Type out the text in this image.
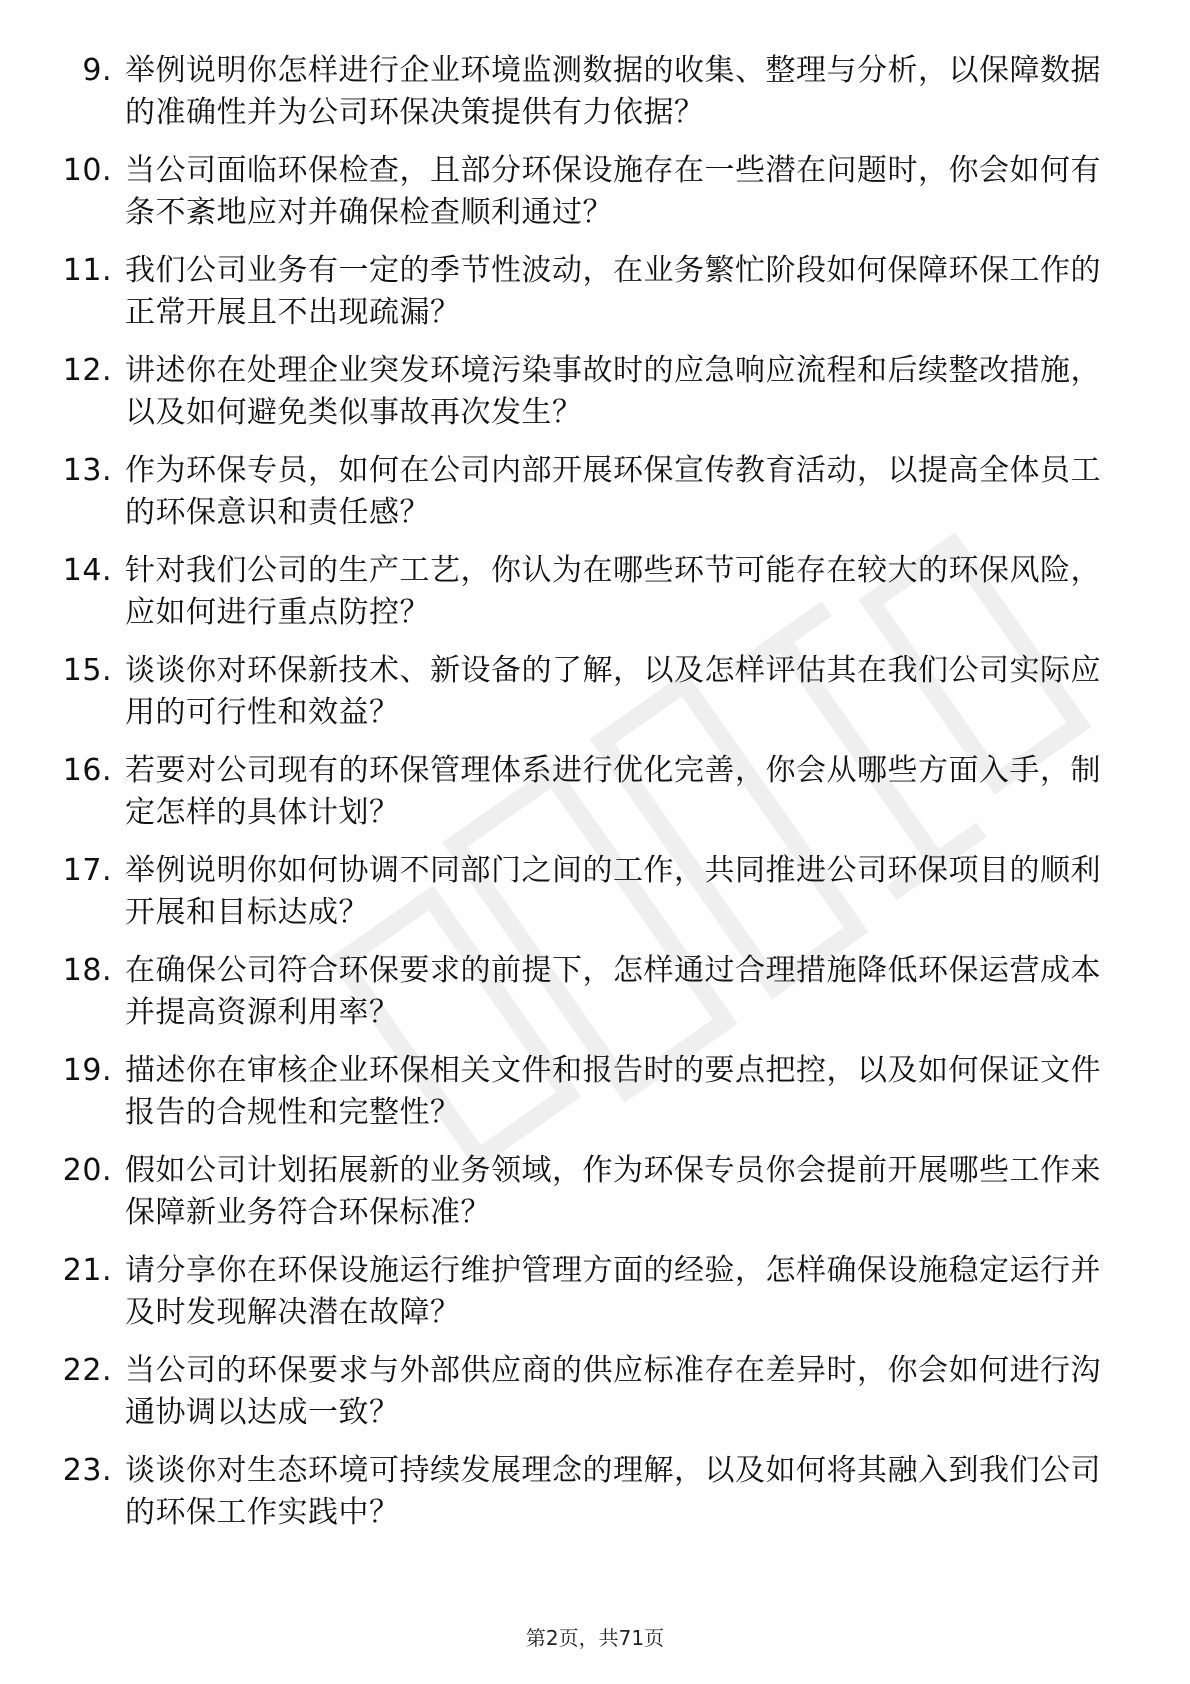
9. 举例说明你怎样进行企业环境监测数据的收集、整理与分析，以保障数据的准确性并为公司环保决策提供有力依据？
10. 当公司面临环保检查，且部分环保设施存在一些潜在问题时，你会如何有条不紊地应对并确保检查顺利通过？
11. 我们公司业务有一定的季节性波动，在业务繁忙阶段如何保障环保工作的正常开展且不出现疏漏？
12. 讲述你在处理企业突发环境污染事故时的应急响应流程和后续整改措施，以及如何避免类似事故再次发生？
13. 作为环保专员，如何在公司内部开展环保宣传教育活动，以提高全体员工的环保意识和责任感？
14. 针对我们公司的生产工艺，你认为在哪些环节可能存在较大的环保风险，应如何进行重点防控？
15. 谈谈你对环保新技术、新设备的了解，以及怎样评估其在我们公司实际应用的可行性和效益？
16. 若要对公司现有的环保管理体系进行优化完善，你会从哪些方面入手，制定怎样的具体计划？
17. 举例说明你如何协调不同部门之间的工作，共同推进公司环保项目的顺利开展和目标达成？
18. 在确保公司符合环保要求的前提下，怎样通过合理措施降低环保运营成本并提高资源利用率？
19. 描述你在审核企业环保相关文件和报告时的要点把控，以及如何保证文件报告的合规性和完整性？
20. 假如公司计划拓展新的业务领域，作为环保专员你会提前开展哪些工作来保障新业务符合环保标准？
21. 请分享你在环保设施运行维护管理方面的经验，怎样确保设施稳定运行并及时发现解决潜在故障？
22. 当公司的环保要求与外部供应商的供应标准存在差异时，你会如何进行沟通协调以达成一致？
23. 谈谈你对生态环境可持续发展理念的理解，以及如何将其融入到我们公司的环保工作实践中？
第2页，共71页
